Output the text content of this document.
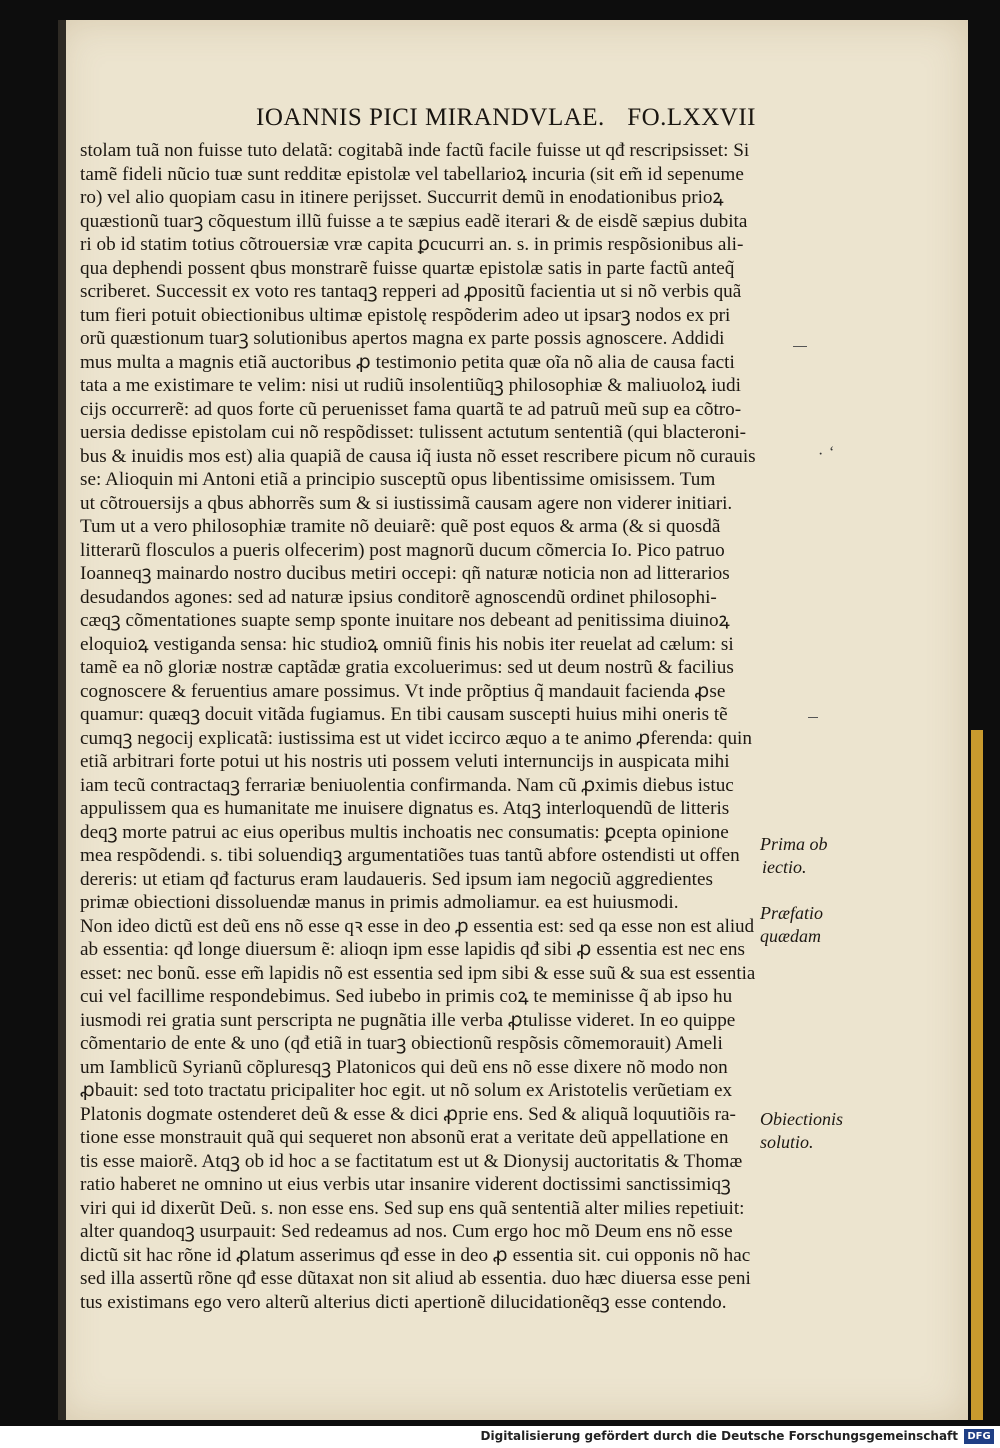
IOANNIS PICI MIRANDVLAE. FO.LXXVII
stolam tuã non fuisse tuto delatã: cogitabã inde factũ facile fuisse ut qđ rescripsisset: Si
tamẽ fideli nũcio tuæ sunt redditæ epistolæ vel tabellarioꝝ incuria (sit em̃ id sepenume
ro) vel alio quopiam casu in itinere perijsset. Succurrit demũ in enodationibus prioꝝ
quæstionũ tuarꝫ cõquestum illũ fuisse a te sæpius eadẽ iterari & de eisdẽ sæpius dubita
ri ob id statim totius cõtrouersiæ vræ capita ꝑcucurri an. s. in primis respõsionibus ali‑
qua dephendi possent qbus monstrarẽ fuisse quartæ epistolæ satis in parte factũ anteq̃
scriberet. Successit ex voto res tantaqꝫ repperi ad ꝓpositũ facientia ut si nõ verbis quã
tum fieri potuit obiectionibus ultimæ epistolę respõderim adeo ut ipsarꝫ nodos ex pri
orũ quæstionum tuarꝫ solutionibus apertos magna ex parte possis agnoscere. Addidi
mus multa a magnis etiã auctoribus ꝓ testimonio petita quæ oĩa nõ alia de causa facti
tata a me existimare te velim: nisi ut rudiũ insolentiũqꝫ philosophiæ & maliuoloꝝ iudi
cijs occurrerẽ: ad quos forte cũ peruenisset fama quartã te ad patruũ meũ sup ea cõtro‑
uersia dedisse epistolam cui nõ respõdisset: tulissent actutum sententiã (qui blacteroni‑
bus & inuidis mos est) alia quapiã de causa iq̃ iusta nõ esset rescribere picum nõ curauis
se: Alioquin mi Antoni etiã a principio susceptũ opus libentissime omisissem. Tum
ut cõtrouersijs a qbus abhorrẽs sum & si iustissimã causam agere non viderer initiari.
Tum ut a vero philosophiæ tramite nõ deuiarẽ: quẽ post equos & arma (& si quosdã
litterarũ flosculos a pueris olfecerim) post magnorũ ducum cõmercia Io. Pico patruo
Ioanneqꝫ mainardo nostro ducibus metiri occepi: qñ naturæ noticia non ad litterarios
desudandos agones: sed ad naturæ ipsius conditorẽ agnoscendũ ordinet philosophi‑
cæqꝫ cõmentationes suapte semp sponte inuitare nos debeant ad penitissima diuinoꝝ
eloquioꝝ vestiganda sensa: hic studioꝝ omniũ finis his nobis iter reuelat ad cælum: si
tamẽ ea nõ gloriæ nostræ captãdæ gratia excoluerimus: sed ut deum nostrũ & facilius
cognoscere & feruentius amare possimus. Vt inde prõptius q̃ mandauit facienda ꝓse
quamur: quæqꝫ docuit vitãda fugiamus. En tibi causam suscepti huius mihi oneris tẽ
cumqꝫ negocij explicatã: iustissima est ut videt iccirco æquo a te animo ꝓferenda: quin
etiã arbitrari forte potui ut his nostris uti possem veluti internuncijs in auspicata mihi
iam tecũ contractaqꝫ ferrariæ beniuolentia confirmanda. Nam cũ ꝓximis diebus istuc
appulissem qua es humanitate me inuisere dignatus es. Atqꝫ interloquendũ de litteris
deqꝫ morte patrui ac eius operibus multis inchoatis nec consumatis: ꝑcepta opinione
mea respõdendi. s. tibi soluendiqꝫ argumentatiões tuas tantũ abfore ostendisti ut offen
dereris: ut etiam qđ facturus eram laudaueris. Sed ipsum iam negociũ aggredientes
primæ obiectioni dissoluendæ manus in primis admoliamur. ea est huiusmodi.
Non ideo dictũ est deũ ens nõ esse qꝛ esse in deo ꝓ essentia est: sed qa esse non est aliud
ab essentia: qđ longe diuersum ẽ: alioqn ipm esse lapidis qđ sibi ꝓ essentia est nec ens
esset: nec bonũ. esse em̃ lapidis nõ est essentia sed ipm sibi & esse suũ & sua est essentia
cui vel facillime respondebimus. Sed iubebo in primis coꝝ te meminisse q̃ ab ipso hu
iusmodi rei gratia sunt perscripta ne pugnãtia ille verba ꝓtulisse videret. In eo quippe
cõmentario de ente & uno (qđ etiã in tuarꝫ obiectionũ respõsis cõmemorauit) Ameli
um Iamblicũ Syrianũ cõpluresqꝫ Platonicos qui deũ ens nõ esse dixere nõ modo non
ꝓbauit: sed toto tractatu pricipaliter hoc egit. ut nõ solum ex Aristotelis verũetiam ex
Platonis dogmate ostenderet deũ & esse & dici ꝓprie ens. Sed & aliquã loquutiõis ra‑
tione esse monstrauit quã qui sequeret non absonũ erat a veritate deũ appellatione en
tis esse maiorẽ. Atqꝫ ob id hoc a se factitatum est ut & Dionysij auctoritatis & Thomæ
ratio haberet ne omnino ut eius verbis utar insanire viderent doctissimi sanctissimiqꝫ
viri qui id dixerũt Deũ. s. non esse ens. Sed sup ens quã sententiã alter milies repetiuit:
alter quandoqꝫ usurpauit: Sed redeamus ad nos. Cum ergo hoc mõ Deum ens nõ esse
dictũ sit hac rõne id ꝓlatum asserimus qđ esse in deo ꝓ essentia sit. cui opponis nõ hac
sed illa assertũ rõne qđ esse dũtaxat non sit aliud ab essentia. duo hæc diuersa esse peni
tus existimans ego vero alterũ alterius dicti apertionẽ dilucidationẽqꝫ esse contendo.
Prima ob
iectio.
Præfatio
quædam
Obiectionis
solutio.
· ‘
Digitalisierung gefördert durch die Deutsche Forschungsgemeinschaft DFG
